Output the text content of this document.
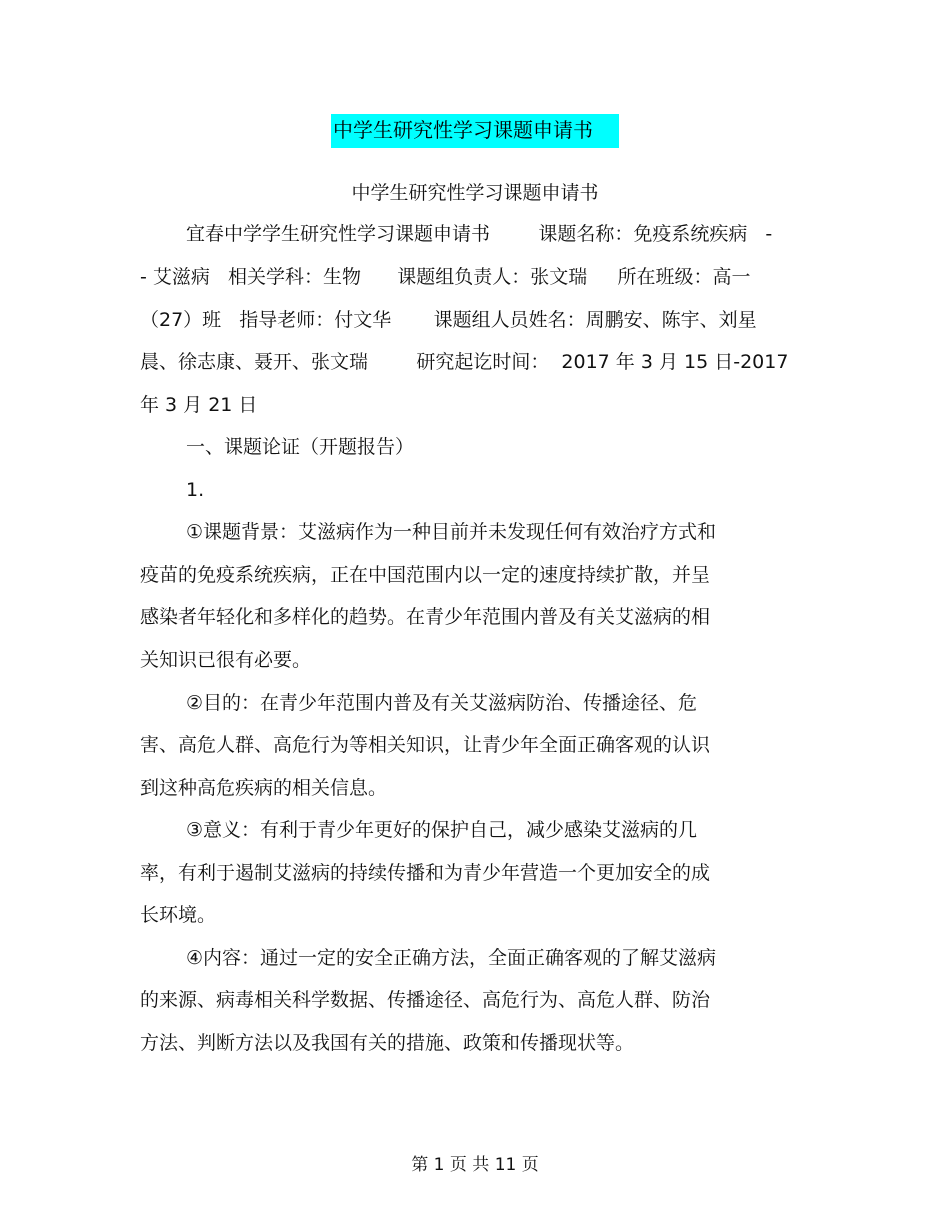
中学生研究性学习课题申请书
中学生研究性学习课题申请书
宜春中学学生研究性学习课题申请书        课题名称：免疫系统疾病   -
- 艾滋病   相关学科：生物      课题组负责人：张文瑞     所在班级：高一
（27）班   指导老师：付文华       课题组人员姓名：周鹏安、陈宇、刘星
晨、徐志康、聂开、张文瑞        研究起讫时间：  2017 年 3 月 15 日-2017
年 3 月 21 日
一、课题论证（开题报告）
1.
①课题背景：艾滋病作为一种目前并未发现任何有效治疗方式和
疫苗的免疫系统疾病，正在中国范围内以一定的速度持续扩散，并呈
感染者年轻化和多样化的趋势。在青少年范围内普及有关艾滋病的相
关知识已很有必要。
②目的：在青少年范围内普及有关艾滋病防治、传播途径、危
害、高危人群、高危行为等相关知识，让青少年全面正确客观的认识
到这种高危疾病的相关信息。
③意义：有利于青少年更好的保护自己，减少感染艾滋病的几
率，有利于遏制艾滋病的持续传播和为青少年营造一个更加安全的成
长环境。
④内容：通过一定的安全正确方法，全面正确客观的了解艾滋病
的来源、病毒相关科学数据、传播途径、高危行为、高危人群、防治
方法、判断方法以及我国有关的措施、政策和传播现状等。
第 1 页 共 11 页
